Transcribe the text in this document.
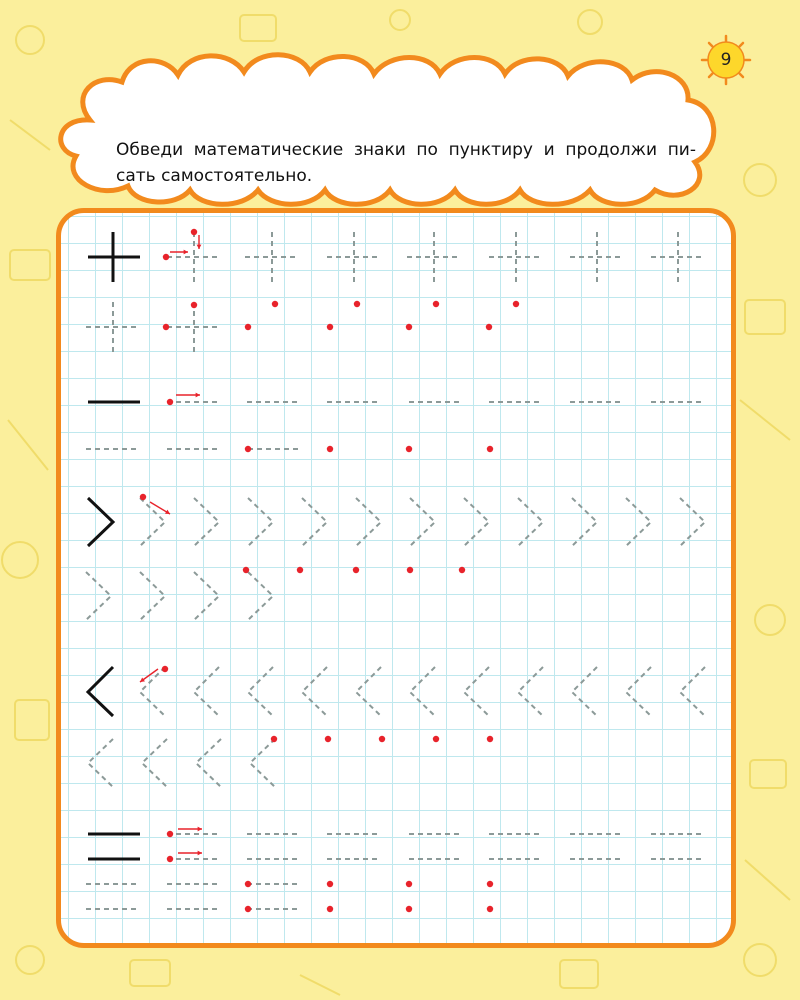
9

Обведи математические знаки по пунктиру и продолжи пи-сать самостоятельно.
